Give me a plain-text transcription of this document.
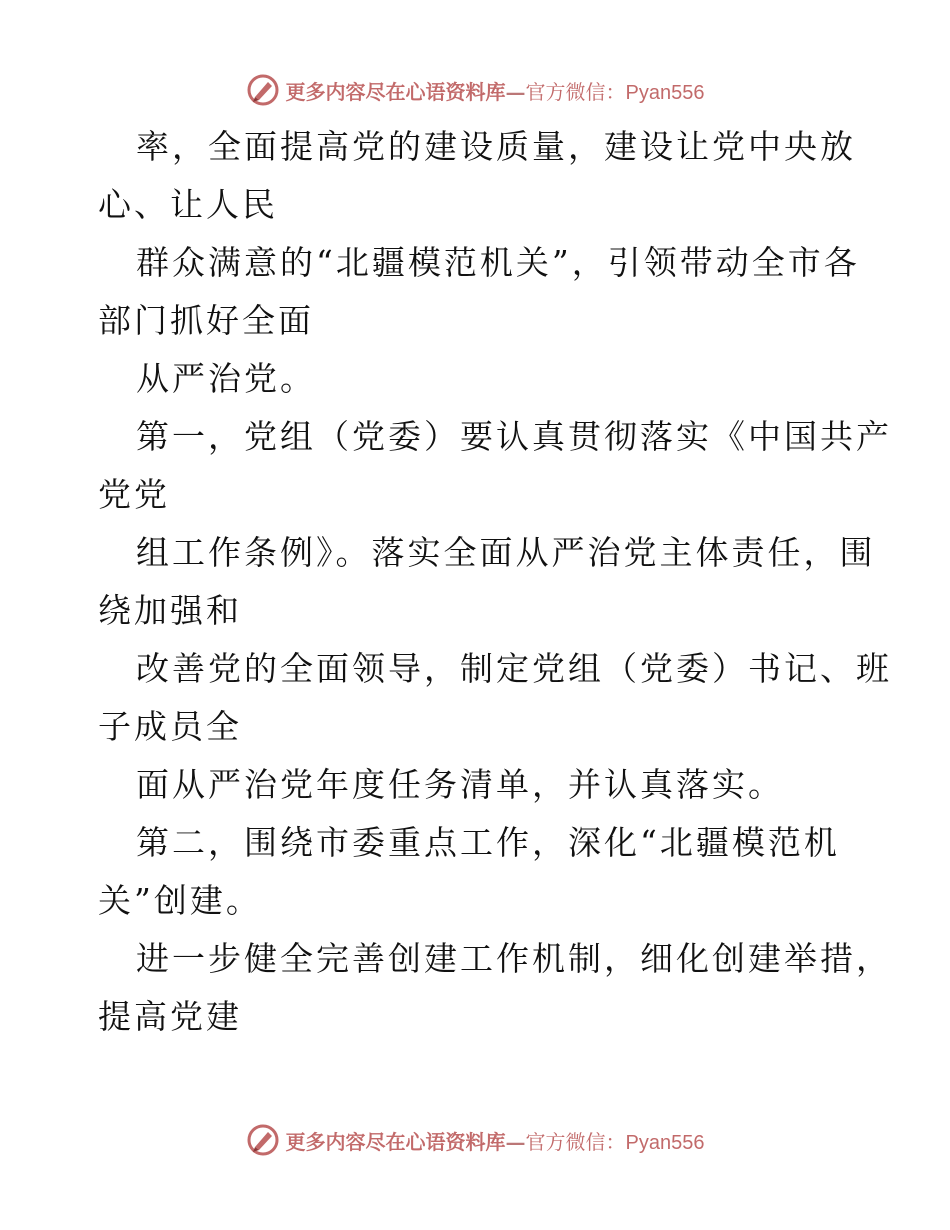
更多内容尽在心语资料库—官方微信：Pyan556
率，全面提高党的建设质量，建设让党中央放
心、让人民
群众满意的“北疆模范机关”，引领带动全市各
部门抓好全面
从严治党。
第一，党组（党委）要认真贯彻落实《中国共产
党党
组工作条例》。落实全面从严治党主体责任，围
绕加强和
改善党的全面领导，制定党组（党委）书记、班
子成员全
面从严治党年度任务清单，并认真落实。
第二，围绕市委重点工作，深化“北疆模范机
关”创建。
进一步健全完善创建工作机制，细化创建举措，
提高党建
更多内容尽在心语资料库—官方微信：Pyan556
